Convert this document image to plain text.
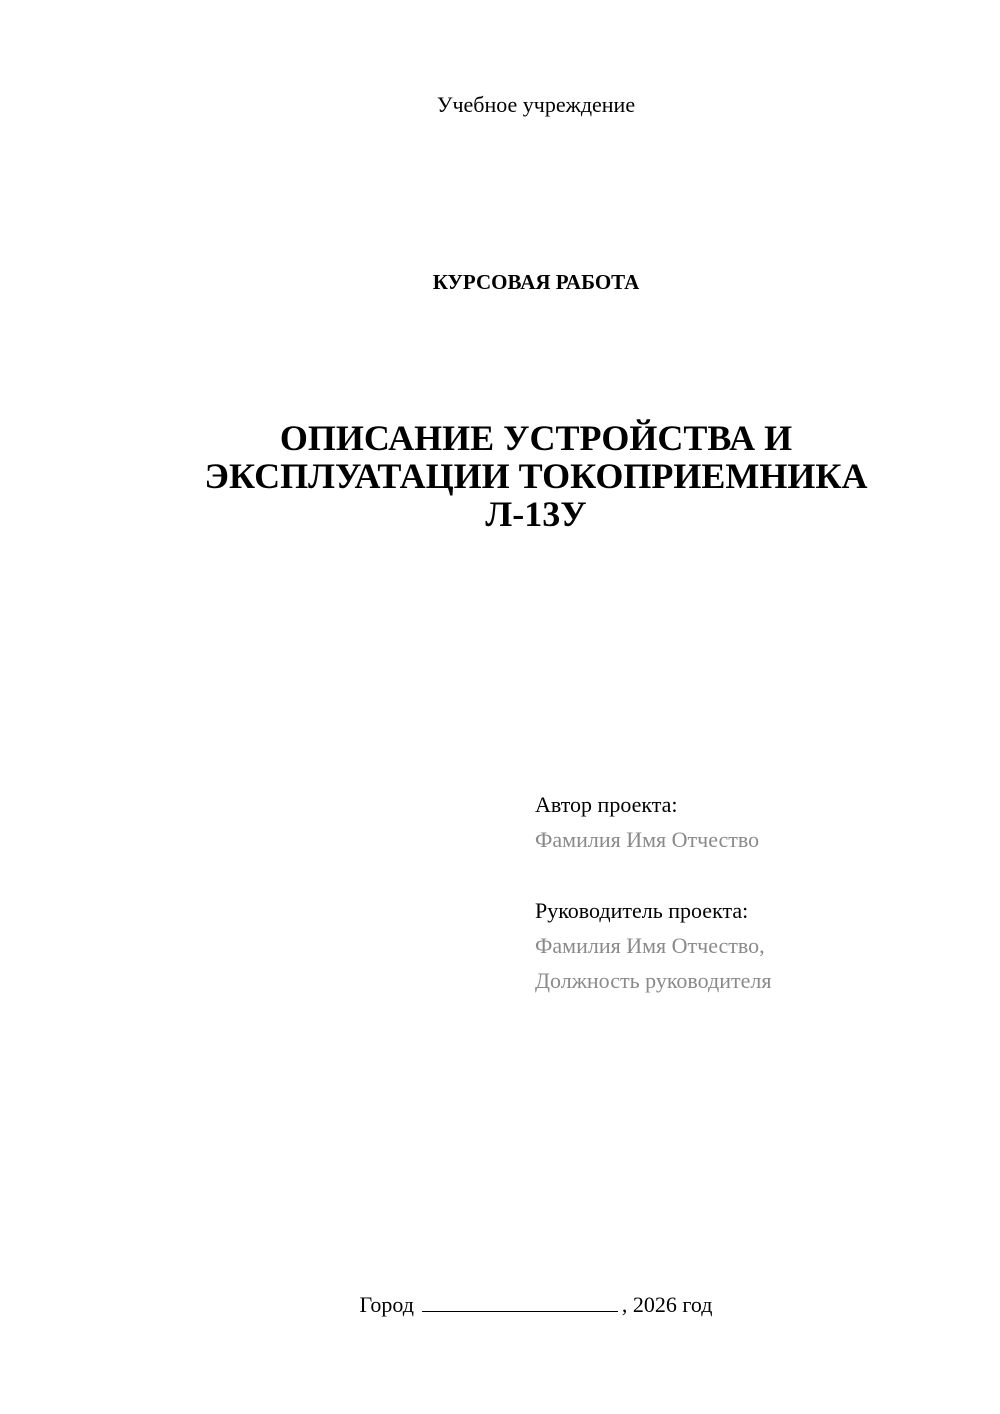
Учебное учреждение
КУРСОВАЯ РАБОТА
ОПИСАНИЕ УСТРОЙСТВА И
ЭКСПЛУАТАЦИИ ТОКОПРИЕМНИКА
Л-13У
Автор проекта:
Фамилия Имя Отчество
Руководитель проекта:
Фамилия Имя Отчество,
Должность руководителя
Город	, 2026 год
